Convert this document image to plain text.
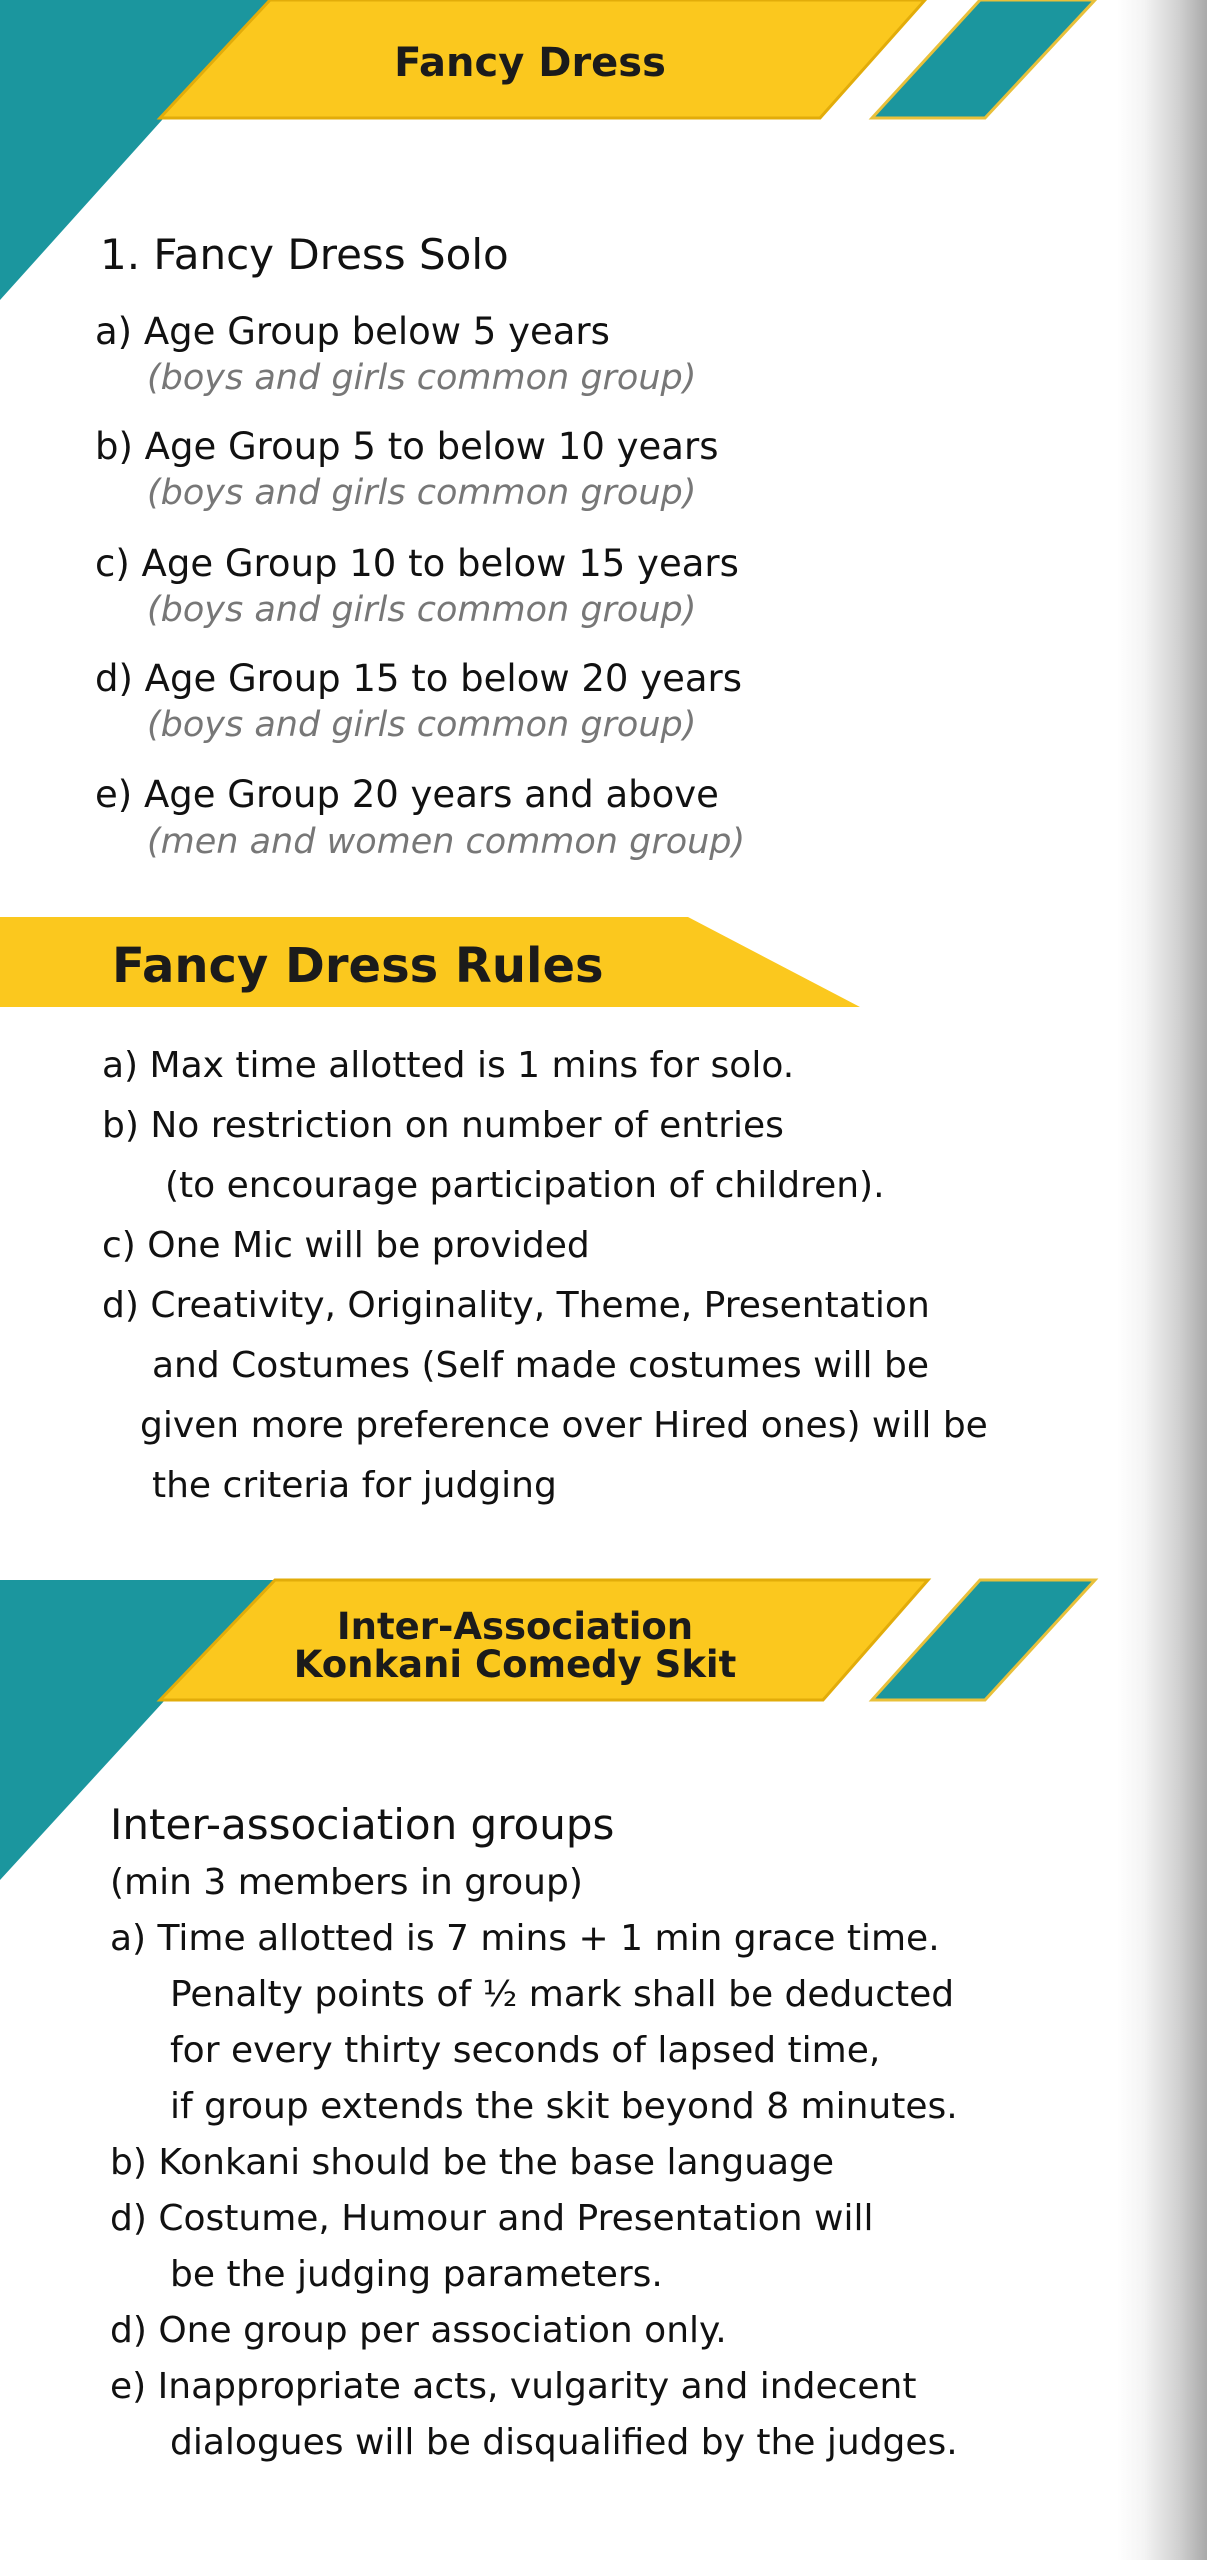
Fancy Dress
1. Fancy Dress Solo
a) Age Group below 5 years
(boys and girls common group)
b) Age Group 5 to below 10 years
(boys and girls common group)
c) Age Group 10 to below 15 years
(boys and girls common group)
d) Age Group 15 to below 20 years
(boys and girls common group)
e) Age Group 20 years and above
(men and women common group)
Fancy Dress Rules
a) Max time allotted is 1 mins for solo.
b) No restriction on number of entries
(to encourage participation of children).
c) One Mic will be provided
d) Creativity, Originality, Theme, Presentation
and Costumes (Self made costumes will be
given more preference over Hired ones) will be
the criteria for judging
Inter-Association
Konkani Comedy Skit
Inter-association groups
(min 3 members in group)
a) Time allotted is 7 mins + 1 min grace time.
Penalty points of ½ mark shall be deducted
for every thirty seconds of lapsed time,
if group extends the skit beyond 8 minutes.
b) Konkani should be the base language
d) Costume, Humour and Presentation will
be the judging parameters.
d) One group per association only.
e) Inappropriate acts, vulgarity and indecent
dialogues will be disqualified by the judges.
